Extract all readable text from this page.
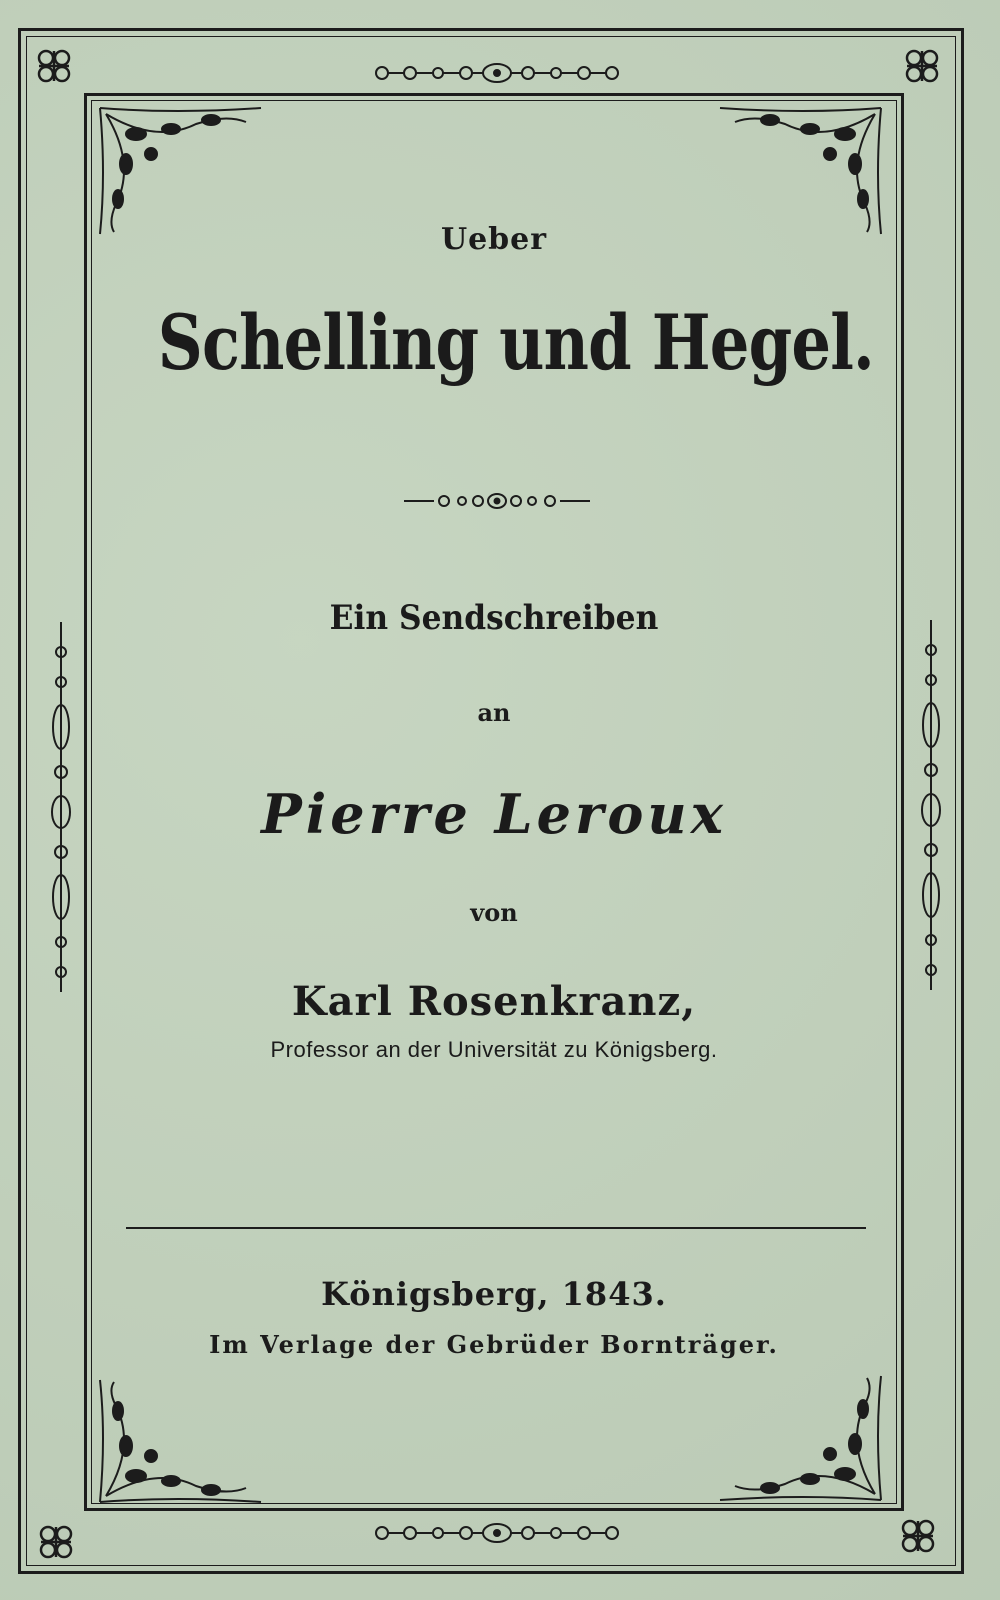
Ueber
Schelling und Hegel.
Ein Sendschreiben
an
Pierre Leroux
von
Karl Rosenkranz,
Professor an der Universität zu Königsberg.
Königsberg, 1843.
Im Verlage der Gebrüder Bornträger.
